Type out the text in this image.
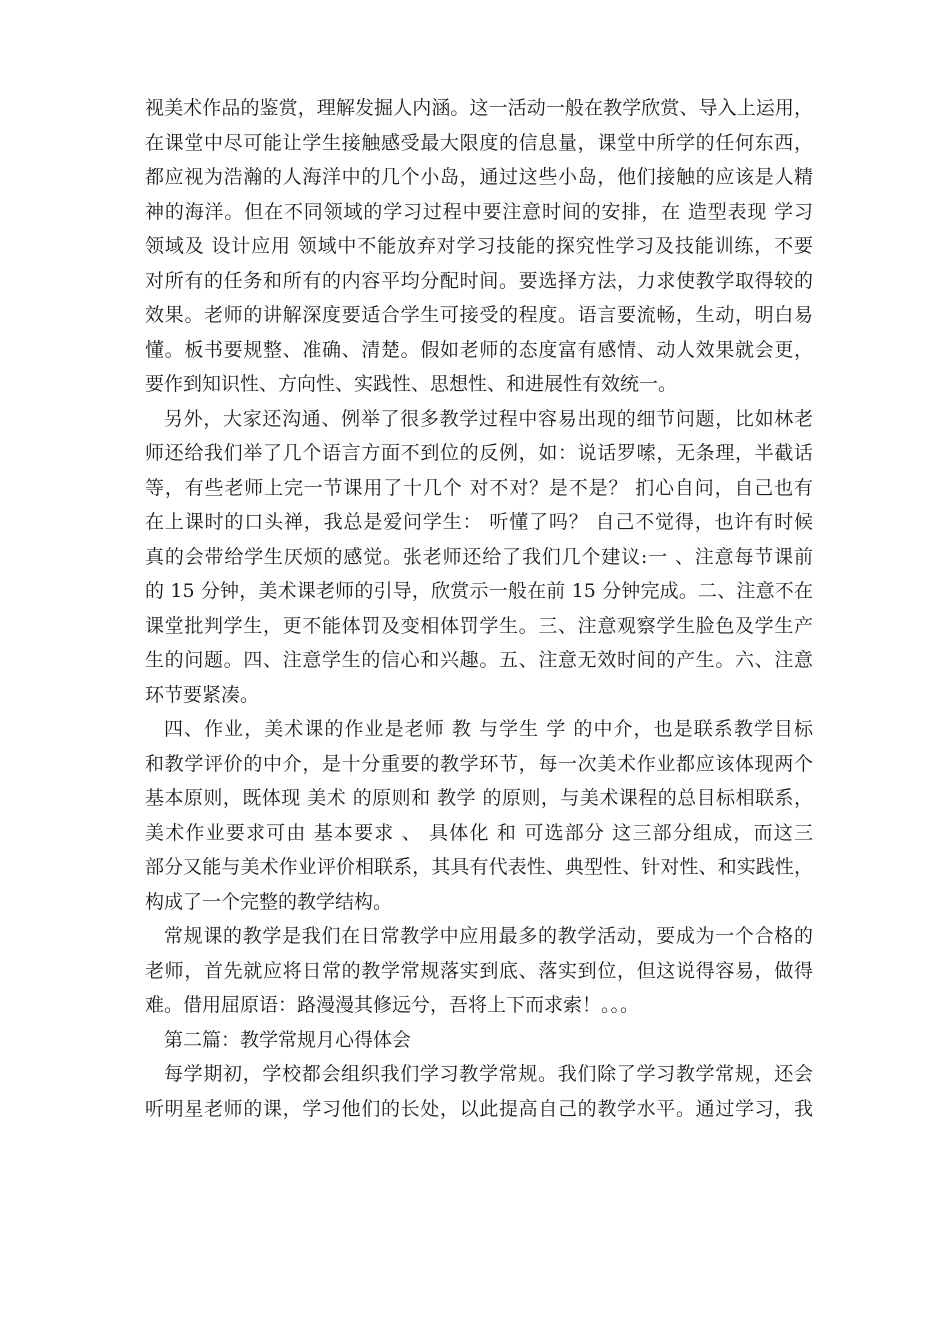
视美术作品的鉴赏，理解发掘人内涵。这一活动一般在教学欣赏、导入上运用，
在课堂中尽可能让学生接触感受最大限度的信息量，课堂中所学的任何东西，
都应视为浩瀚的人海洋中的几个小岛，通过这些小岛，他们接触的应该是人精
神的海洋。但在不同领域的学习过程中要注意时间的安排，在 造型表现 学习
领域及 设计应用 领域中不能放弃对学习技能的探究性学习及技能训练，不要
对所有的任务和所有的内容平均分配时间。要选择方法，力求使教学取得较的
效果。老师的讲解深度要适合学生可接受的程度。语言要流畅，生动，明白易
懂。板书要规整、准确、清楚。假如老师的态度富有感情、动人效果就会更，
要作到知识性、方向性、实践性、思想性、和进展性有效统一。
另外，大家还沟通、例举了很多教学过程中容易出现的细节问题，比如林老
师还给我们举了几个语言方面不到位的反例，如：说话罗嗦，无条理，半截话
等，有些老师上完一节课用了十几个 对不对？是不是？ 扪心自问，自己也有
在上课时的口头禅，我总是爱问学生： 听懂了吗？ 自己不觉得，也许有时候
真的会带给学生厌烦的感觉。张老师还给了我们几个建议:一 、注意每节课前
的 15 分钟，美术课老师的引导，欣赏示一般在前 15 分钟完成。二、注意不在
课堂批判学生，更不能体罚及变相体罚学生。三、注意观察学生脸色及学生产
生的问题。四、注意学生的信心和兴趣。五、注意无效时间的产生。六、注意
环节要紧凑。
四、作业，美术课的作业是老师 教 与学生 学 的中介，也是联系教学目标
和教学评价的中介，是十分重要的教学环节，每一次美术作业都应该体现两个
基本原则，既体现 美术 的原则和 教学 的原则，与美术课程的总目标相联系，
美术作业要求可由 基本要求 、 具体化 和 可选部分 这三部分组成，而这三
部分又能与美术作业评价相联系，其具有代表性、典型性、针对性、和实践性，
构成了一个完整的教学结构。
常规课的教学是我们在日常教学中应用最多的教学活动，要成为一个合格的
老师，首先就应将日常的教学常规落实到底、落实到位，但这说得容易，做得
难。借用屈原语：路漫漫其修远兮，吾将上下而求索！。。。
第二篇：教学常规月心得体会
每学期初，学校都会组织我们学习教学常规。我们除了学习教学常规，还会
听明星老师的课，学习他们的长处，以此提高自己的教学水平。通过学习，我
